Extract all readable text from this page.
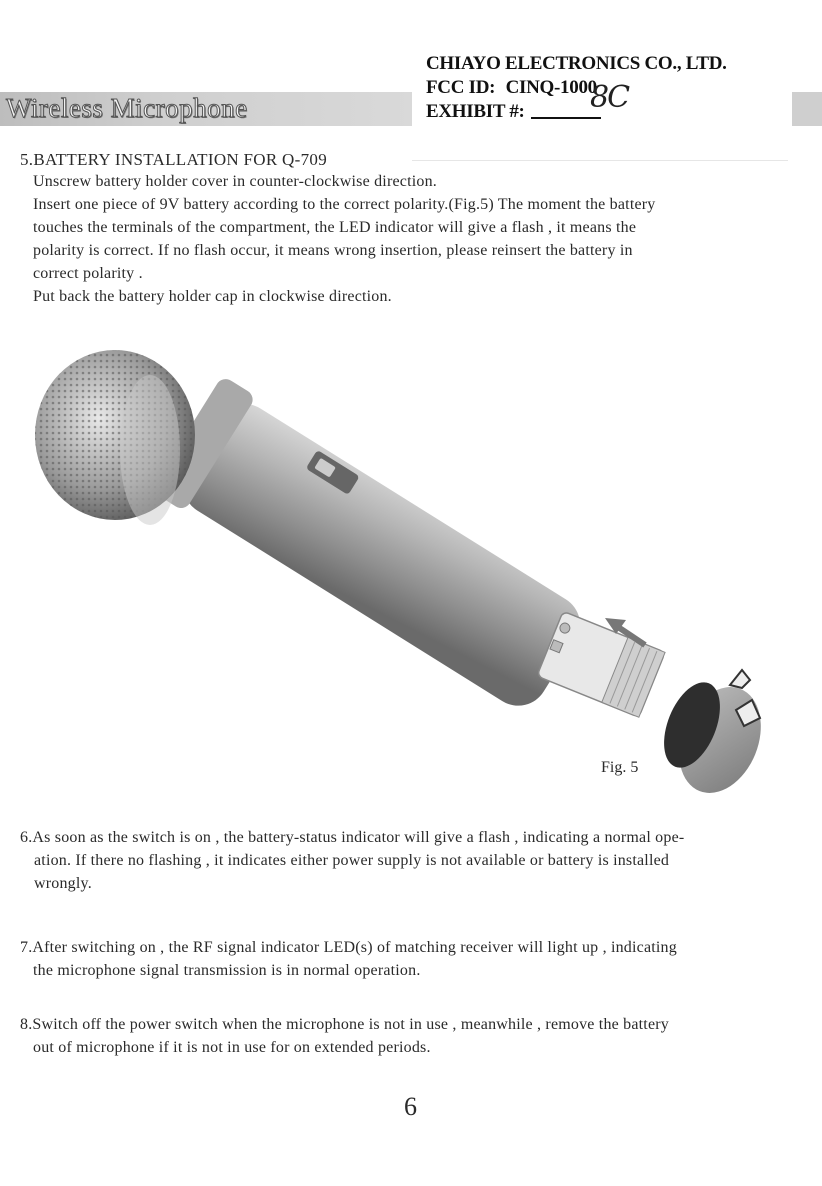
CHIAYO ELECTRONICS CO., LTD.
FCC ID: CINQ-1000
EXHIBIT #:	8C
Wireless Microphone
5.BATTERY INSTALLATION FOR Q-709
Unscrew battery holder cover in counter-clockwise direction.
Insert one piece of 9V battery according to the correct polarity.(Fig.5) The moment the battery
touches the terminals of the compartment, the LED indicator will give a flash , it means the
polarity is correct. If no flash occur, it means wrong insertion, please reinsert the battery in
correct polarity .
Put back the battery holder cap in clockwise direction.
Fig. 5
6.As soon as the switch is on , the battery-status indicator will give a flash , indicating a normal ope-
ation. If there no flashing , it indicates either power supply is not available or battery is installed
wrongly.
7.After switching on , the RF signal indicator LED(s) of matching receiver will light up , indicating
the microphone signal transmission is in normal operation.
8.Switch off the power switch when the microphone is not in use , meanwhile , remove the battery
out of microphone if it is not in use for on extended periods.
6
